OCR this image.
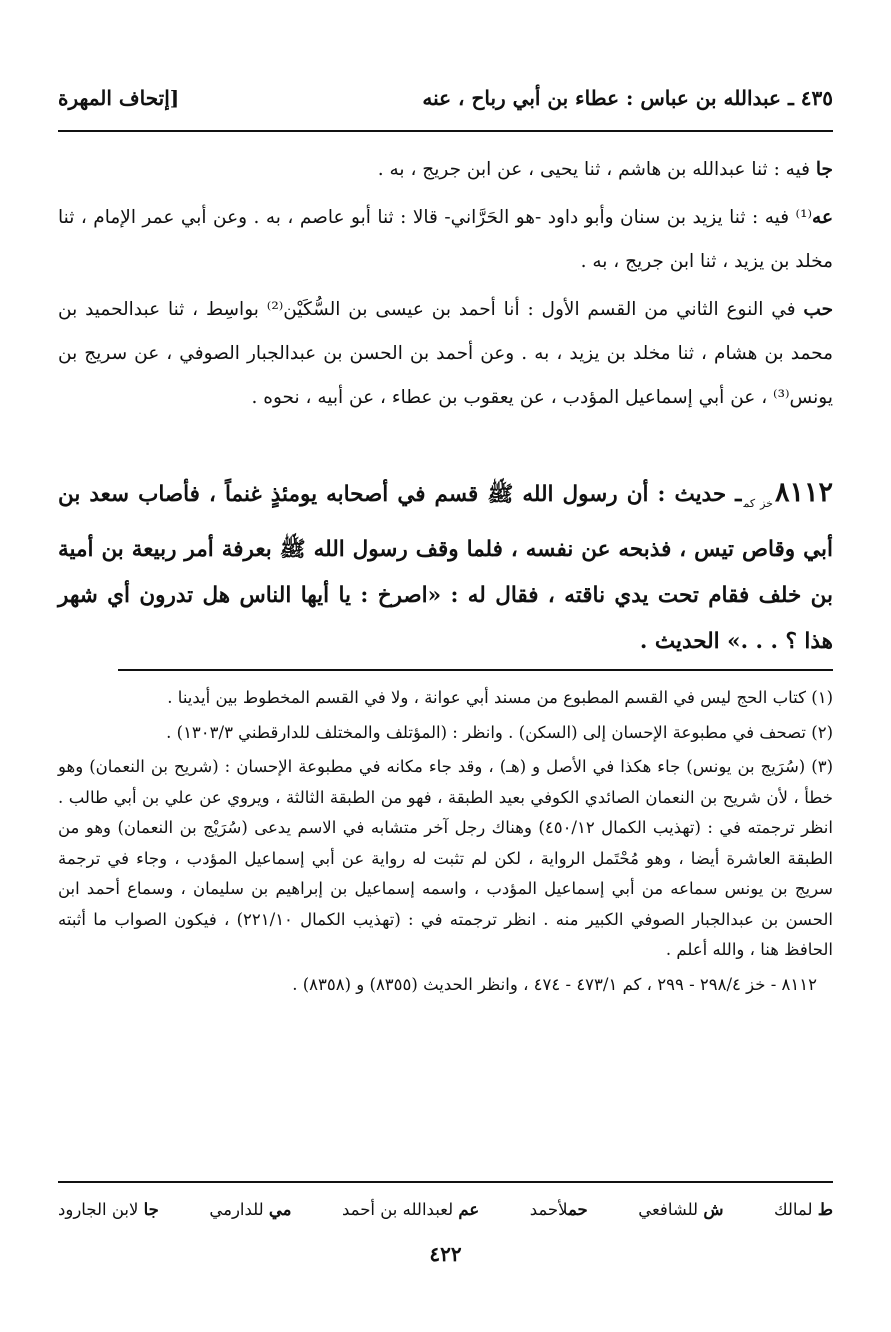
٤٣٥ ـ عبدالله بن عباس : عطاء بن أبي رباح ، عنه
[إتحاف المهرة

جا فيه : ثنا عبدالله بن هاشم ، ثنا يحيى ، عن ابن جريج ، به .

عه⁽¹⁾ فيه : ثنا يزيد بن سنان وأبو داود -هو الحَرَّاني- قالا : ثنا أبو عاصم ، به . وعن أبي عمر الإمام ، ثنا مخلد بن يزيد ، ثنا ابن جريج ، به .

حب في النوع الثاني من القسم الأول : أنا أحمد بن عيسى بن السُّكَيْن⁽²⁾ بواسِط ، ثنا عبدالحميد بن محمد بن هشام ، ثنا مخلد بن يزيد ، به . وعن أحمد بن الحسن بن عبدالجبار الصوفي ، عن سريج بن يونس⁽³⁾ ، عن أبي إسماعيل المؤدب ، عن يعقوب بن عطاء ، عن أبيه ، نحوه .

$٨١١٢_{خز كم}ـ$ حديث : أن رسول الله ﷺ قسم في أصحابه يومئذٍ غنماً ، فأصاب سعد بن أبي وقاص تيس ، فذبحه عن نفسه ، فلما وقف رسول الله ﷺ بعرفة أمر ربيعة بن أمية بن خلف فقام تحت يدي ناقته ، فقال له : «اصرخ : يا أيها الناس هل تدرون أي شهر هذا ؟ . . .» الحديث .

(١) كتاب الحج ليس في القسم المطبوع من مسند أبي عوانة ، ولا في القسم المخطوط بين أيدينا .

(٢) تصحف في مطبوعة الإحسان إلى (السكن) . وانظر : (المؤتلف والمختلف للدارقطني ١٣٠٣/٣) .

(٣) (سُرَيج بن يونس) جاء هكذا في الأصل و (هـ) ، وقد جاء مكانه في مطبوعة الإحسان : (شريح بن النعمان) وهو خطأ ، لأن شريح بن النعمان الصائدي الكوفي بعيد الطبقة ، فهو من الطبقة الثالثة ، ويروي عن علي بن أبي طالب . انظر ترجمته في : (تهذيب الكمال ٤٥٠/١٢) وهناك رجل آخر متشابه في الاسم يدعى (سُرَيْج بن النعمان) وهو من الطبقة العاشرة أيضا ، وهو مُحْتَمل الرواية ، لكن لم تثبت له رواية عن أبي إسماعيل المؤدب ، وجاء في ترجمة سريج بن يونس سماعه من أبي إسماعيل المؤدب ، واسمه إسماعيل بن إبراهيم بن سليمان ، وسماع أحمد ابن الحسن بن عبدالجبار الصوفي الكبير منه . انظر ترجمته في : (تهذيب الكمال ٢٢١/١٠) ، فيكون الصواب ما أثبته الحافظ هنا ، والله أعلم .

٨١١٢ - خز ٢٩٨/٤ - ٢٩٩ ، كم ٤٧٣/١ - ٤٧٤ ، وانظر الحديث (٨٣٥٥) و (٨٣٥٨) .

ط لمالك
ش للشافعي
حملأحمد
عم لعبدالله بن أحمد
مي للدارمي
جا لابن الجارود
٤٢٢
